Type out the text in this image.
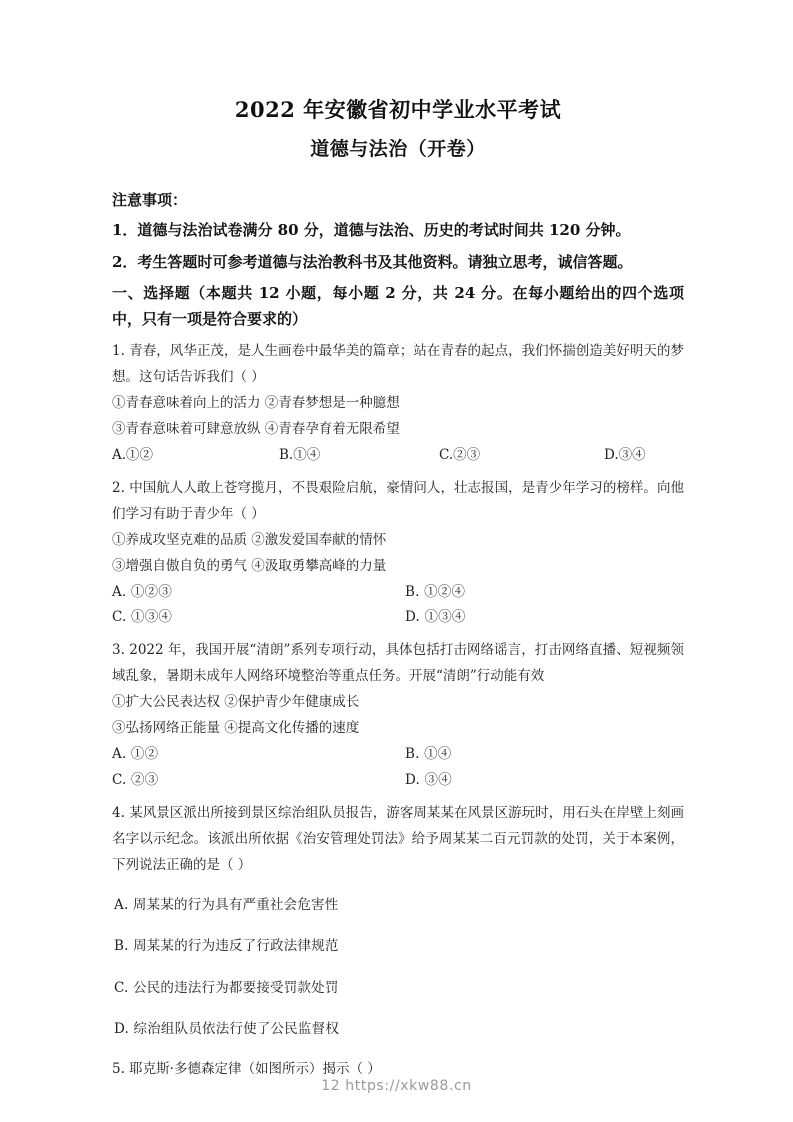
2022 年安徽省初中学业水平考试
道德与法治（开卷）

注意事项：

1．道德与法治试卷满分 80 分，道德与法治、历史的考试时间共 120 分钟。

2．考生答题时可参考道德与法治教科书及其他资料。请独立思考，诚信答题。

一、选择题（本题共 12 小题，每小题 2 分，共 24 分。在每小题给出的四个选项中，只有一项是符合要求的）

1. 青春，风华正茂，是人生画卷中最华美的篇章；站在青春的起点，我们怀揣创造美好明天的梦想。这句话告诉我们（ ）

①青春意味着向上的活力 ②青春梦想是一种臆想

③青春意味着可肆意放纵 ④青春孕育着无限希望

A.①②	B.①④	C.②③	D.③④

2. 中国航人人敢上苍穹揽月，不畏艰险启航，豪情问人，壮志报国，是青少年学习的榜样。向他们学习有助于青少年（ ）

①养成攻坚克难的品质 ②激发爱国奉献的情怀

③增强自傲自负的勇气 ④汲取勇攀高峰的力量

A. ①②③	B. ①②④
C. ①③④	D. ①③④

3. 2022 年，我国开展“清朗”系列专项行动，具体包括打击网络谣言，打击网络直播、短视频领域乱象，暑期未成年人网络环境整治等重点任务。开展“清朗”行动能有效

①扩大公民表达权 ②保护青少年健康成长

③弘扬网络正能量 ④提高文化传播的速度

A. ①②	B. ①④
C. ②③	D. ③④

4. 某风景区派出所接到景区综治组队员报告，游客周某某在风景区游玩时，用石头在岸壁上刻画名字以示纪念。该派出所依据《治安管理处罚法》给予周某某二百元罚款的处罚，关于本案例，下列说法正确的是（ ）

A. 周某某的行为具有严重社会危害性

B. 周某某的行为违反了行政法律规范

C. 公民的违法行为都要接受罚款处罚

D. 综治组队员依法行使了公民监督权

5. 耶克斯·多德森定律（如图所示）揭示（ ）

12 https://xkw88.cn
